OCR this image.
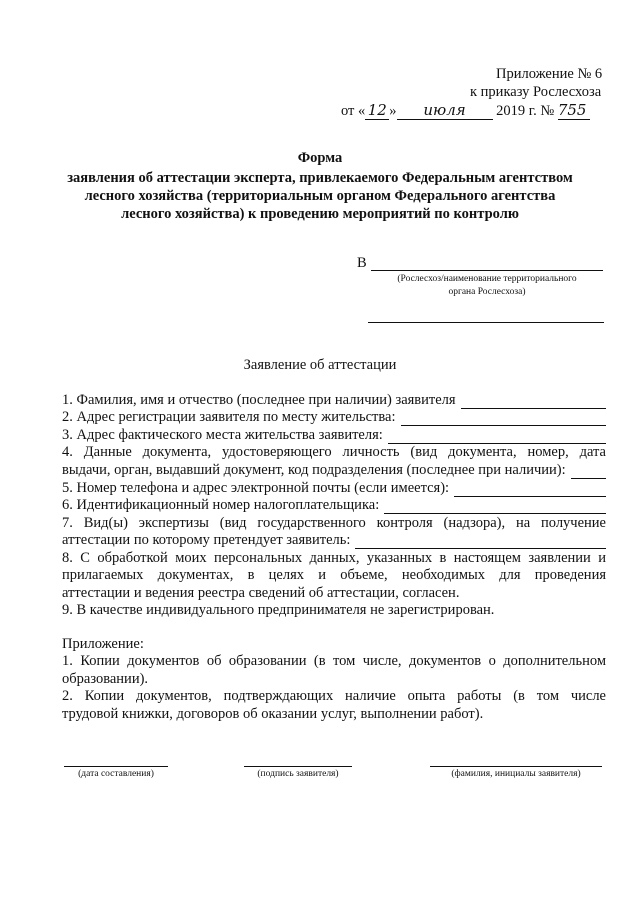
Приложение № 6
к приказу Рослесхоза
от « 12 » июля 2019 г. № 755
Форма
заявления об аттестации эксперта, привлекаемого Федеральным агентством
лесного хозяйства (территориальным органом Федерального агентства
лесного хозяйства) к проведению мероприятий по контролю
В
(Рослесхоз/наименование территориального
органа Рослесхоза)
Заявление об аттестации
1. Фамилия, имя и отчество (последнее при наличии) заявителя
2. Адрес регистрации заявителя по месту жительства:
3. Адрес фактического места жительства заявителя:
4. Данные документа, удостоверяющего личность (вид документа, номер, дата
выдачи, орган, выдавший документ, код подразделения (последнее при наличии):
5. Номер телефона и адрес электронной почты (если имеется):
6. Идентификационный номер налогоплательщика:
7. Вид(ы) экспертизы (вид государственного контроля (надзора), на получение
аттестации по которому претендует заявитель:
8. С обработкой моих персональных данных, указанных в настоящем заявлении и
прилагаемых документах, в целях и объеме, необходимых для проведения
аттестации и ведения реестра сведений об аттестации, согласен.
9. В качестве индивидуального предпринимателя не зарегистрирован.
Приложение:
1. Копии документов об образовании (в том числе, документов о дополнительном
образовании).
2. Копии документов, подтверждающих наличие опыта работы (в том числе
трудовой книжки, договоров об оказании услуг, выполнении работ).
(дата составления)	(подпись заявителя)	(фамилия, инициалы заявителя)
